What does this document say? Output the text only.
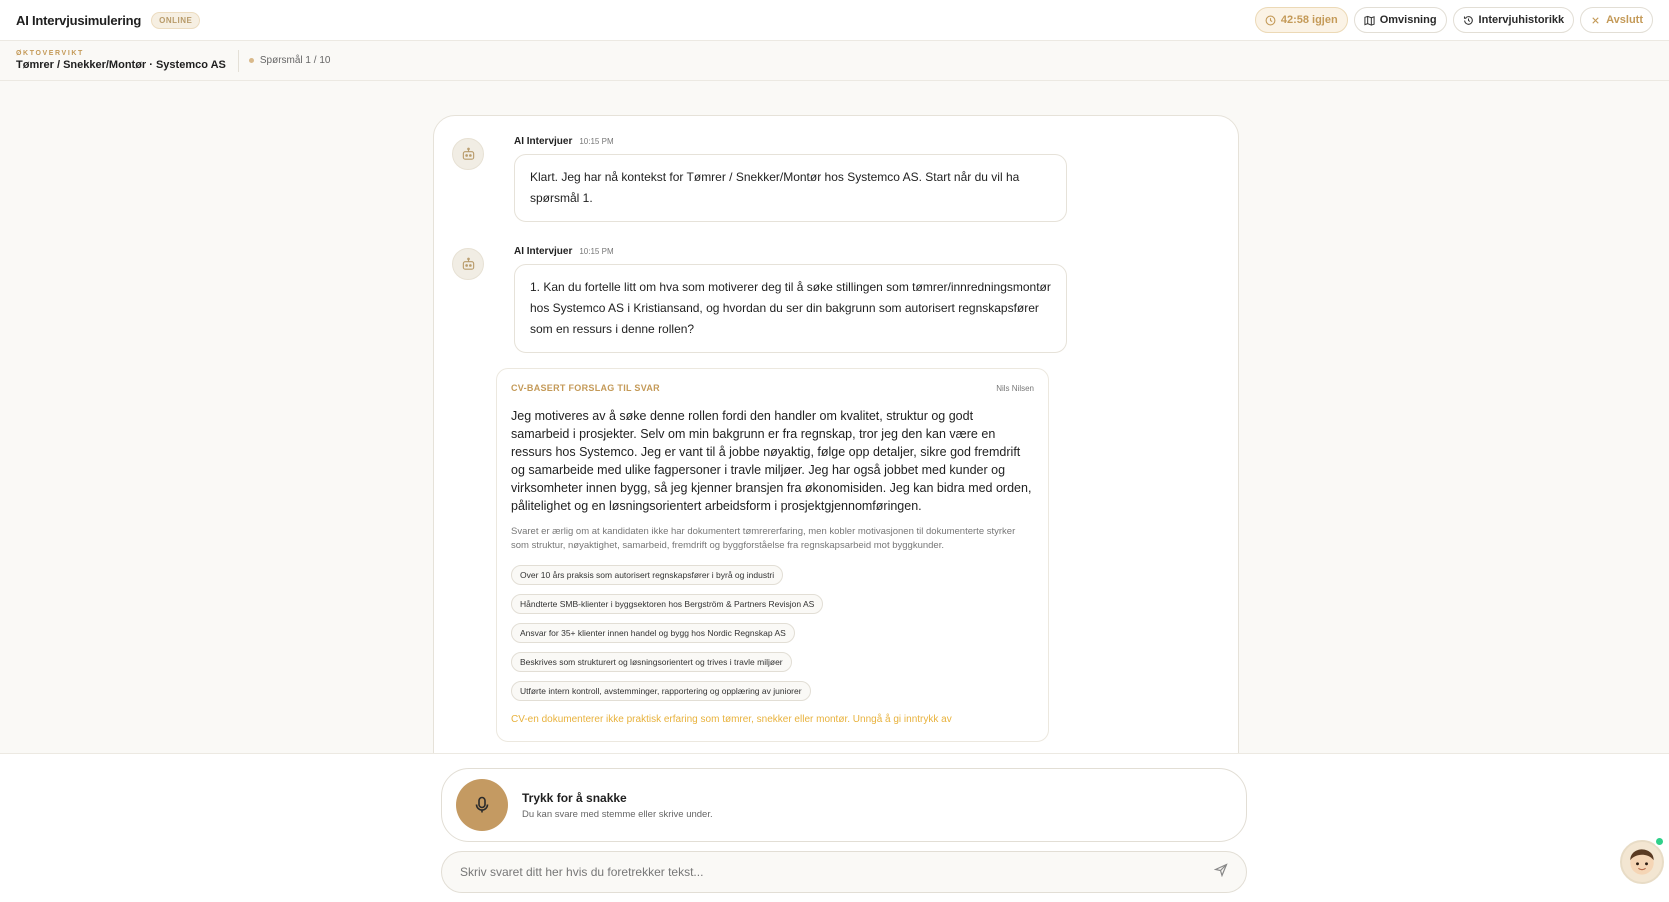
AI Intervjusimulering	ONLINE	42:58 igjen	Omvisning	Intervjuhistorikk	Avslutt
ØKTOVERVIKT
Tømrer / Snekker/Montør · Systemco AS	Spørsmål 1 / 10
AI Intervjuer 10:15 PM
Klart. Jeg har nå kontekst for Tømrer / Snekker/Montør hos Systemco AS. Start når du vil ha spørsmål 1.
AI Intervjuer 10:15 PM
1. Kan du fortelle litt om hva som motiverer deg til å søke stillingen som tømrer/innredningsmontør hos Systemco AS i Kristiansand, og hvordan du ser din bakgrunn som autorisert regnskapsfører som en ressurs i denne rollen?
CV-BASERT FORSLAG TIL SVAR	Nils Nilsen
Jeg motiveres av å søke denne rollen fordi den handler om kvalitet, struktur og godt samarbeid i prosjekter. Selv om min bakgrunn er fra regnskap, tror jeg den kan være en ressurs hos Systemco. Jeg er vant til å jobbe nøyaktig, følge opp detaljer, sikre god fremdrift og samarbeide med ulike fagpersoner i travle miljøer. Jeg har også jobbet med kunder og virksomheter innen bygg, så jeg kjenner bransjen fra økonomisiden. Jeg kan bidra med orden, pålitelighet og en løsningsorientert arbeidsform i prosjektgjennomføringen.
Svaret er ærlig om at kandidaten ikke har dokumentert tømrererfaring, men kobler motivasjonen til dokumenterte styrker som struktur, nøyaktighet, samarbeid, fremdrift og byggforståelse fra regnskapsarbeid mot byggkunder.
Over 10 års praksis som autorisert regnskapsfører i byrå og industri
Håndterte SMB-klienter i byggsektoren hos Bergström & Partners Revisjon AS
Ansvar for 35+ klienter innen handel og bygg hos Nordic Regnskap AS
Beskrives som strukturert og løsningsorientert og trives i travle miljøer
Utførte intern kontroll, avstemminger, rapportering og opplæring av juniorer
CV-en dokumenterer ikke praktisk erfaring som tømrer, snekker eller montør. Unngå å gi inntrykk av
Trykk for å snakke
Du kan svare med stemme eller skrive under.
Skriv svaret ditt her hvis du foretrekker tekst...
